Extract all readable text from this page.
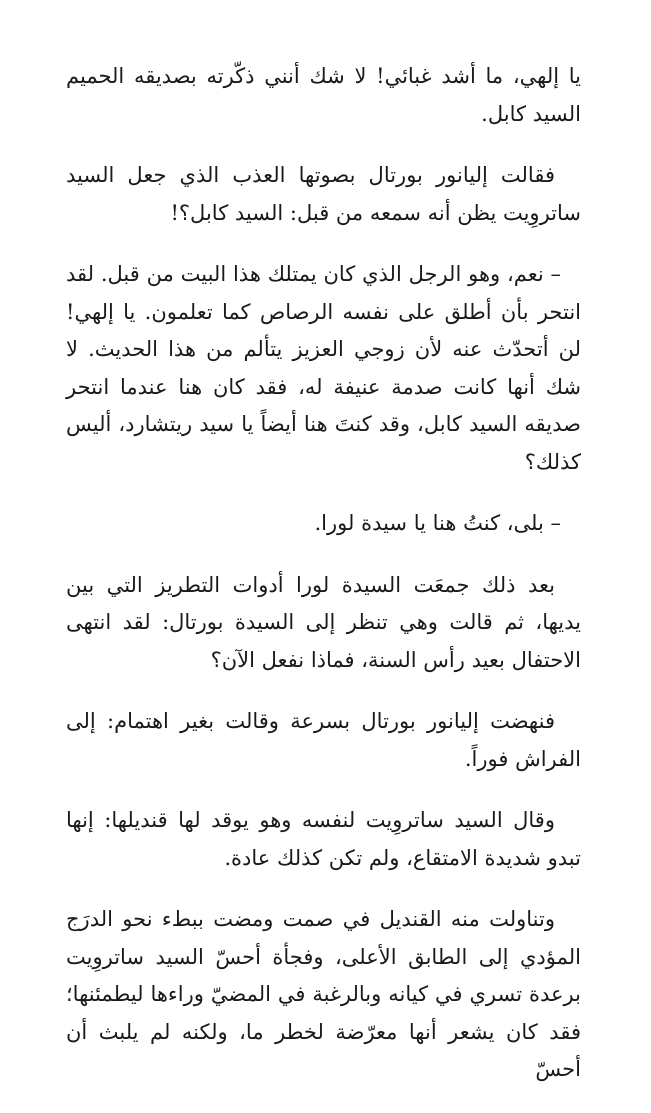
يا إلهي، ما أشد غبائي! لا شك أنني ذكّرته بصديقه الحميم السيد كابل.

فقالت إليانور بورتال بصوتها العذب الذي جعل السيد ساتروِيت يظن أنه سمعه من قبل: السيد كابل؟!

– نعم، وهو الرجل الذي كان يمتلك هذا البيت من قبل. لقد انتحر بأن أطلق على نفسه الرصاص كما تعلمون. يا إلهي! لن أتحدّث عنه لأن زوجي العزيز يتألم من هذا الحديث. لا شك أنها كانت صدمة عنيفة له، فقد كان هنا عندما انتحر صديقه السيد كابل، وقد كنتَ هنا أيضاً يا سيد ريتشارد، أليس كذلك؟

– بلى، كنتُ هنا يا سيدة لورا.

بعد ذلك جمعَت السيدة لورا أدوات التطريز التي بين يديها، ثم قالت وهي تنظر إلى السيدة بورتال: لقد انتهى الاحتفال بعيد رأس السنة، فماذا نفعل الآن؟

فنهضت إليانور بورتال بسرعة وقالت بغير اهتمام: إلى الفراش فوراً.

وقال السيد ساتروِيت لنفسه وهو يوقد لها قنديلها: إنها تبدو شديدة الامتقاع، ولم تكن كذلك عادة.

وتناولت منه القنديل في صمت ومضت ببطء نحو الدرَج المؤدي إلى الطابق الأعلى، وفجأة أحسّ السيد ساتروِيت برعدة تسري في كيانه وبالرغبة في المضيّ وراءها ليطمئنها؛ فقد كان يشعر أنها معرّضة لخطر ما، ولكنه لم يلبث أن أحسّ
